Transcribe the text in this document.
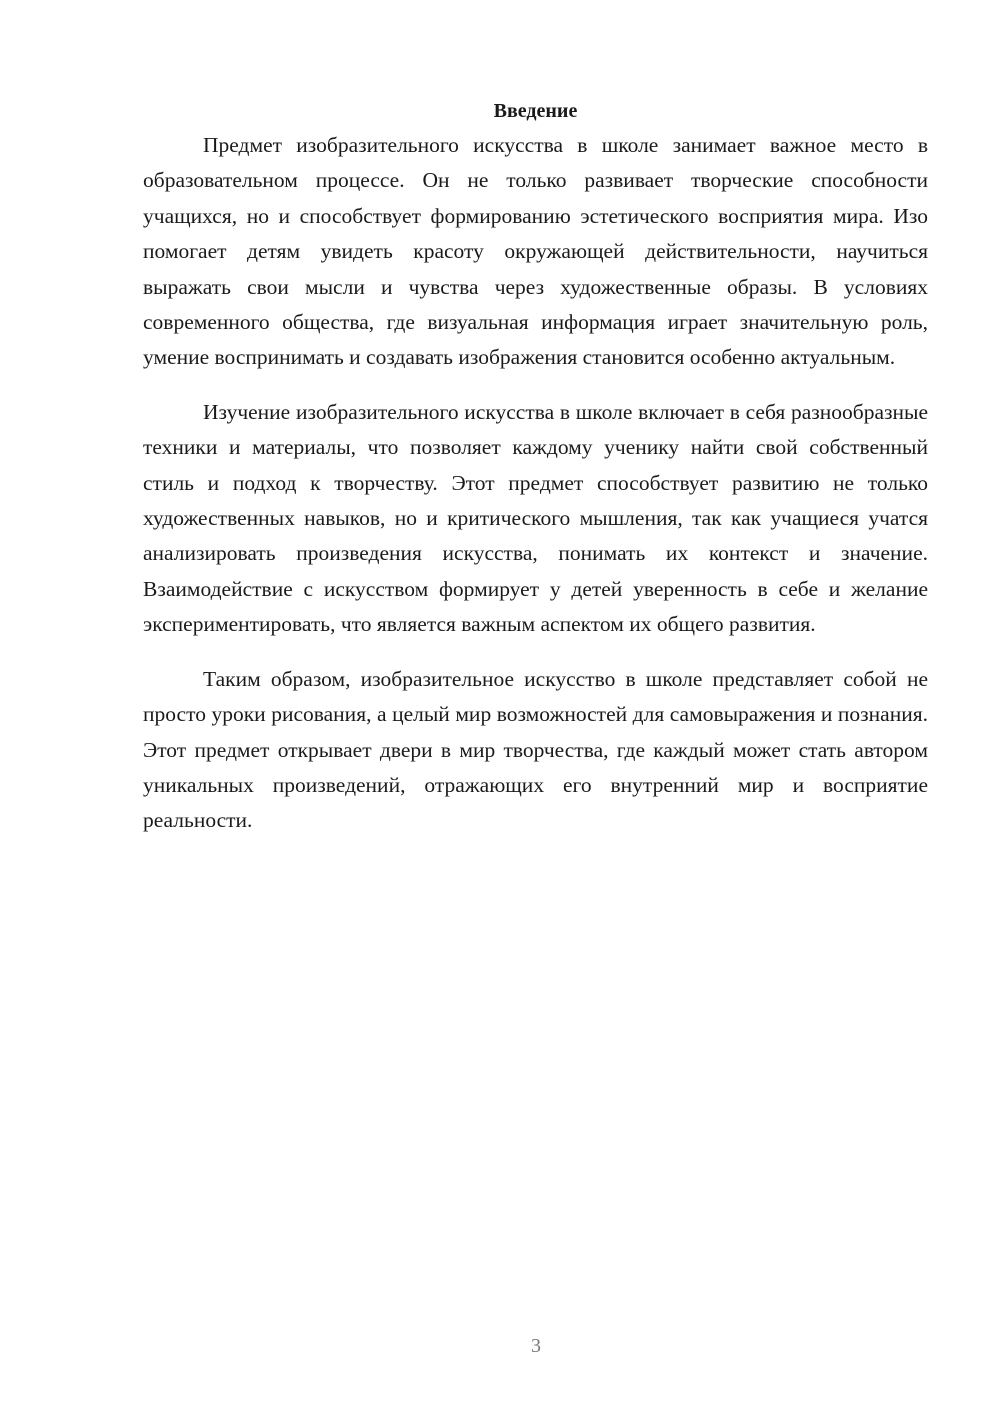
Введение

Предмет изобразительного искусства в школе занимает важное место в образовательном процессе. Он не только развивает творческие способности учащихся, но и способствует формированию эстетического восприятия мира. Изо помогает детям увидеть красоту окружающей действительности, научиться выражать свои мысли и чувства через художественные образы. В условиях современного общества, где визуальная информация играет значительную роль, умение воспринимать и создавать изображения становится особенно актуальным.

Изучение изобразительного искусства в школе включает в себя разнообразные техники и материалы, что позволяет каждому ученику найти свой собственный стиль и подход к творчеству. Этот предмет способствует развитию не только художественных навыков, но и критического мышления, так как учащиеся учатся анализировать произведения искусства, понимать их контекст и значение. Взаимодействие с искусством формирует у детей уверенность в себе и желание экспериментировать, что является важным аспектом их общего развития.

Таким образом, изобразительное искусство в школе представляет собой не просто уроки рисования, а целый мир возможностей для самовыражения и познания. Этот предмет открывает двери в мир творчества, где каждый может стать автором уникальных произведений, отражающих его внутренний мир и восприятие реальности.

3
